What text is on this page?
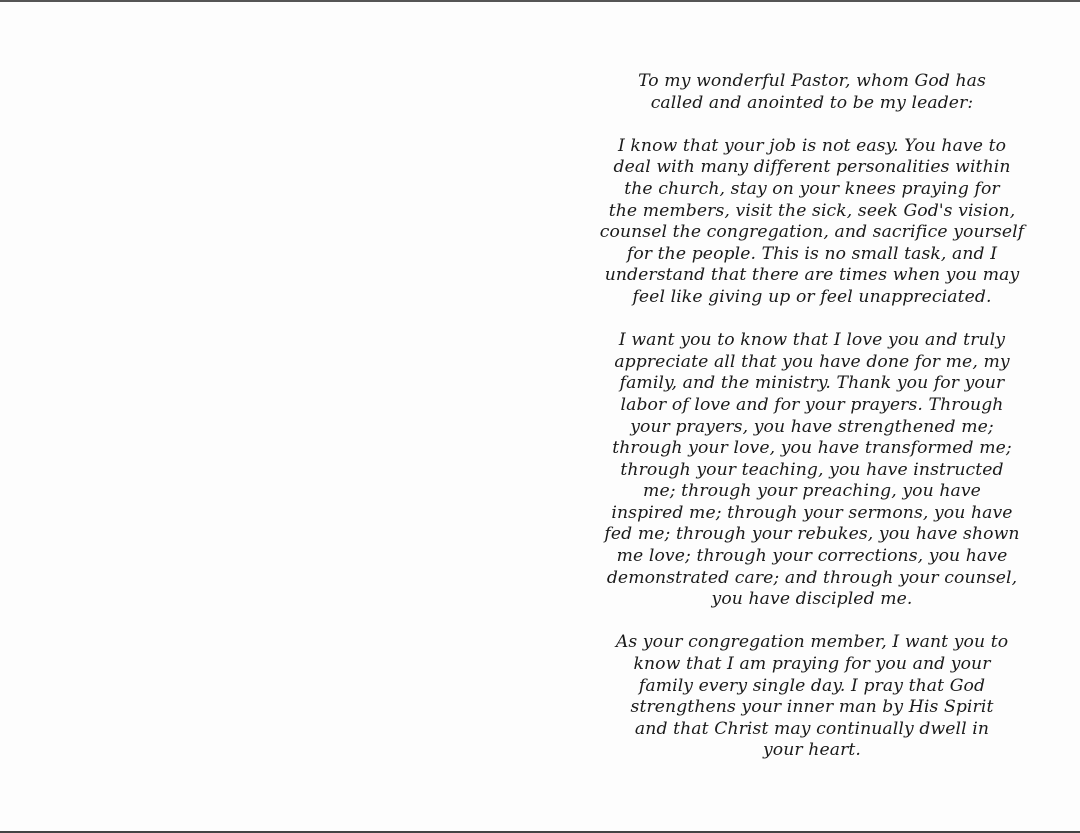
To my wonderful Pastor, whom God has
called and anointed to be my leader:

I know that your job is not easy. You have to
deal with many different personalities within
the church, stay on your knees praying for
the members, visit the sick, seek God's vision,
counsel the congregation, and sacrifice yourself
for the people. This is no small task, and I
understand that there are times when you may
feel like giving up or feel unappreciated.

I want you to know that I love you and truly
appreciate all that you have done for me, my
family, and the ministry. Thank you for your
labor of love and for your prayers. Through
your prayers, you have strengthened me;
through your love, you have transformed me;
through your teaching, you have instructed
me; through your preaching, you have
inspired me; through your sermons, you have
fed me; through your rebukes, you have shown
me love; through your corrections, you have
demonstrated care; and through your counsel,
you have discipled me.

As your congregation member, I want you to
know that I am praying for you and your
family every single day. I pray that God
strengthens your inner man by His Spirit
and that Christ may continually dwell in
your heart.
